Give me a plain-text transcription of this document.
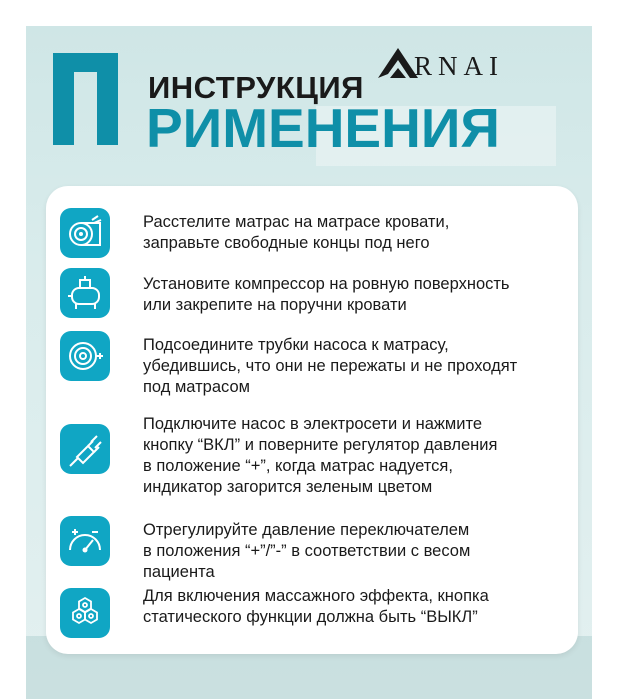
ИНСТРУКЦИЯ
РИМЕНЕНИЯ
RNAI
Расстелите матрас на матрасе кровати,
заправьте свободные концы под него
Установите компрессор на ровную поверхность
или закрепите на поручни кровати
Подсоедините трубки насоса к матрасу,
убедившись, что они не пережаты и не проходят
под матрасом
Подключите насос в электросети и нажмите
кнопку “ВКЛ” и поверните регулятор давления
в положение “+”, когда матрас надуется,
индикатор загорится зеленым цветом
Отрегулируйте давление переключателем
в положения “+”/”-” в соответствии с весом
пациента
Для включения массажного эффекта, кнопка
статического функции должна быть “ВЫКЛ”
